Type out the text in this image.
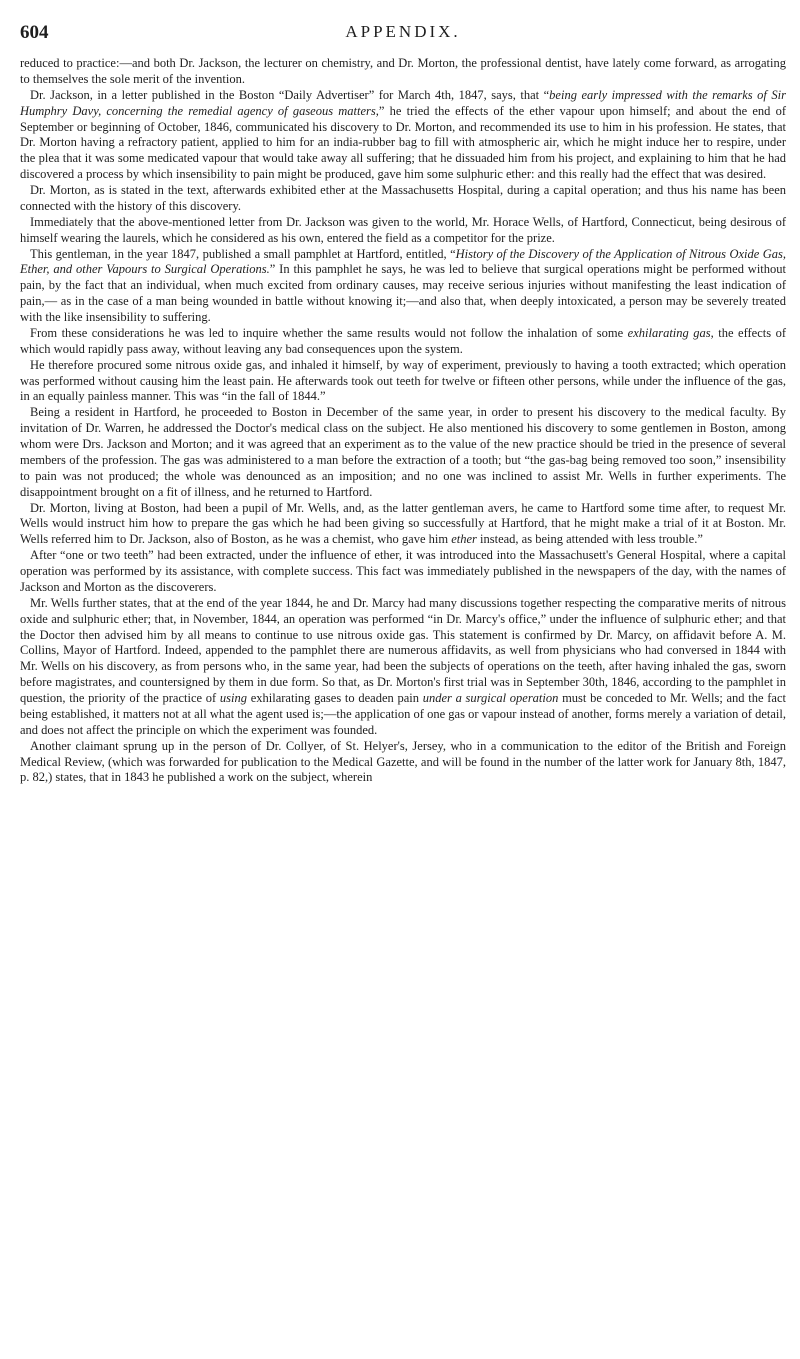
604	APPENDIX.

reduced to practice:—and both Dr. Jackson, the lecturer on chemistry, and Dr. Morton, the professional dentist, have lately come forward, as arrogating to themselves the sole merit of the invention.

Dr. Jackson, in a letter published in the Boston “Daily Advertiser” for March 4th, 1847, says, that “being early impressed with the remarks of Sir Humphry Davy, concerning the remedial agency of gaseous matters,” he tried the effects of the ether vapour upon himself; and about the end of September or beginning of October, 1846, communicated his discovery to Dr. Morton, and recommended its use to him in his profession. He states, that Dr. Morton having a refractory patient, applied to him for an india-rubber bag to fill with atmospheric air, which he might induce her to respire, under the plea that it was some medicated vapour that would take away all suffering; that he dissuaded him from his project, and explaining to him that he had discovered a process by which insensibility to pain might be produced, gave him some sulphuric ether: and this really had the effect that was desired.

Dr. Morton, as is stated in the text, afterwards exhibited ether at the Massachusetts Hospital, during a capital operation; and thus his name has been connected with the history of this discovery.

Immediately that the above-mentioned letter from Dr. Jackson was given to the world, Mr. Horace Wells, of Hartford, Connecticut, being desirous of himself wearing the laurels, which he considered as his own, entered the field as a competitor for the prize.

This gentleman, in the year 1847, published a small pamphlet at Hartford, entitled, “History of the Discovery of the Application of Nitrous Oxide Gas, Ether, and other Vapours to Surgical Operations.” In this pamphlet he says, he was led to believe that surgical operations might be performed without pain, by the fact that an individual, when much excited from ordinary causes, may receive serious injuries without manifesting the least indication of pain,— as in the case of a man being wounded in battle without knowing it;—and also that, when deeply intoxicated, a person may be severely treated with the like insensibility to suffering.

From these considerations he was led to inquire whether the same results would not follow the inhalation of some exhilarating gas, the effects of which would rapidly pass away, without leaving any bad consequences upon the system.

He therefore procured some nitrous oxide gas, and inhaled it himself, by way of experiment, previously to having a tooth extracted; which operation was performed without causing him the least pain. He afterwards took out teeth for twelve or fifteen other persons, while under the influence of the gas, in an equally painless manner. This was “in the fall of 1844.”

Being a resident in Hartford, he proceeded to Boston in December of the same year, in order to present his discovery to the medical faculty. By invitation of Dr. Warren, he addressed the Doctor's medical class on the subject. He also mentioned his discovery to some gentlemen in Boston, among whom were Drs. Jackson and Morton; and it was agreed that an experiment as to the value of the new practice should be tried in the presence of several members of the profession. The gas was administered to a man before the extraction of a tooth; but “the gas-bag being removed too soon,” insensibility to pain was not produced; the whole was denounced as an imposition; and no one was inclined to assist Mr. Wells in further experiments. The disappointment brought on a fit of illness, and he returned to Hartford.

Dr. Morton, living at Boston, had been a pupil of Mr. Wells, and, as the latter gentleman avers, he came to Hartford some time after, to request Mr. Wells would instruct him how to prepare the gas which he had been giving so successfully at Hartford, that he might make a trial of it at Boston. Mr. Wells referred him to Dr. Jackson, also of Boston, as he was a chemist, who gave him ether instead, as being attended with less trouble.”

After “one or two teeth” had been extracted, under the influence of ether, it was introduced into the Massachusett's General Hospital, where a capital operation was performed by its assistance, with complete success. This fact was immediately published in the newspapers of the day, with the names of Jackson and Morton as the discoverers.

Mr. Wells further states, that at the end of the year 1844, he and Dr. Marcy had many discussions together respecting the comparative merits of nitrous oxide and sulphuric ether; that, in November, 1844, an operation was performed “in Dr. Marcy's office,” under the influence of sulphuric ether; and that the Doctor then advised him by all means to continue to use nitrous oxide gas. This statement is confirmed by Dr. Marcy, on affidavit before A. M. Collins, Mayor of Hartford. Indeed, appended to the pamphlet there are numerous affidavits, as well from physicians who had conversed in 1844 with Mr. Wells on his discovery, as from persons who, in the same year, had been the subjects of operations on the teeth, after having inhaled the gas, sworn before magistrates, and countersigned by them in due form. So that, as Dr. Morton's first trial was in September 30th, 1846, according to the pamphlet in question, the priority of the practice of using exhilarating gases to deaden pain under a surgical operation must be conceded to Mr. Wells; and the fact being established, it matters not at all what the agent used is;—the application of one gas or vapour instead of another, forms merely a variation of detail, and does not affect the principle on which the experiment was founded.

Another claimant sprung up in the person of Dr. Collyer, of St. Helyer's, Jersey, who in a communication to the editor of the British and Foreign Medical Review, (which was forwarded for publication to the Medical Gazette, and will be found in the number of the latter work for January 8th, 1847, p. 82,) states, that in 1843 he published a work on the subject, wherein
